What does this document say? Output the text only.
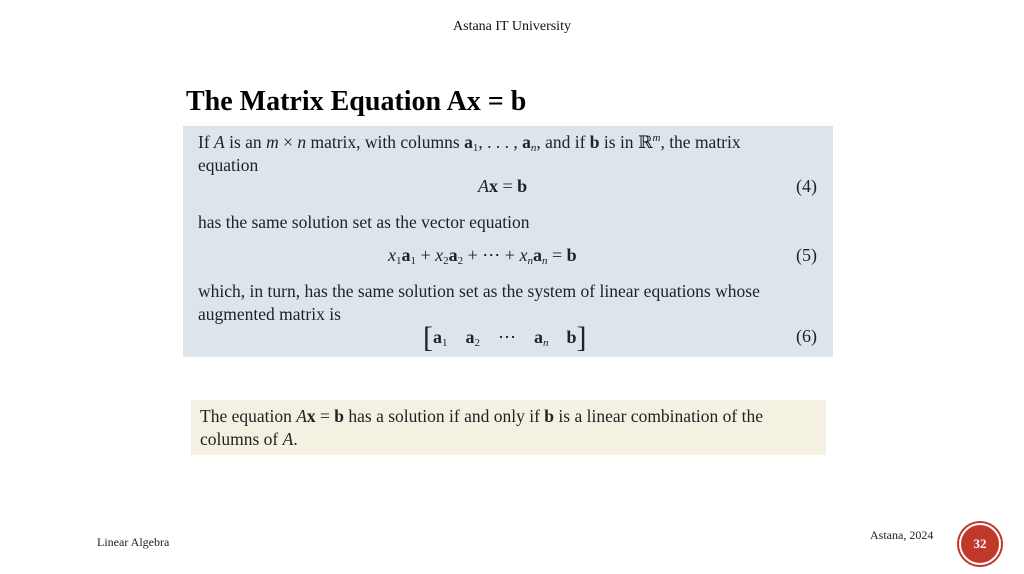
Astana IT University
The Matrix Equation Ax = b
If A is an m × n matrix, with columns $a_1$, . . . , $a_n$, and if b is in ℝ$^m$, the matrix
equation
Ax = b	(4)
has the same solution set as the vector equation
$x_1a_1 + x_2a_2$ + ⋯ + $x_na_n = b$	(5)
which, in turn, has the same solution set as the system of linear equations whose
augmented matrix is
[$a_1$ $a_2$ ⋯ $a_n$ b]	(6)
The equation Ax = b has a solution if and only if b is a linear combination of the
columns of A.
Linear Algebra	Astana, 2024
32
